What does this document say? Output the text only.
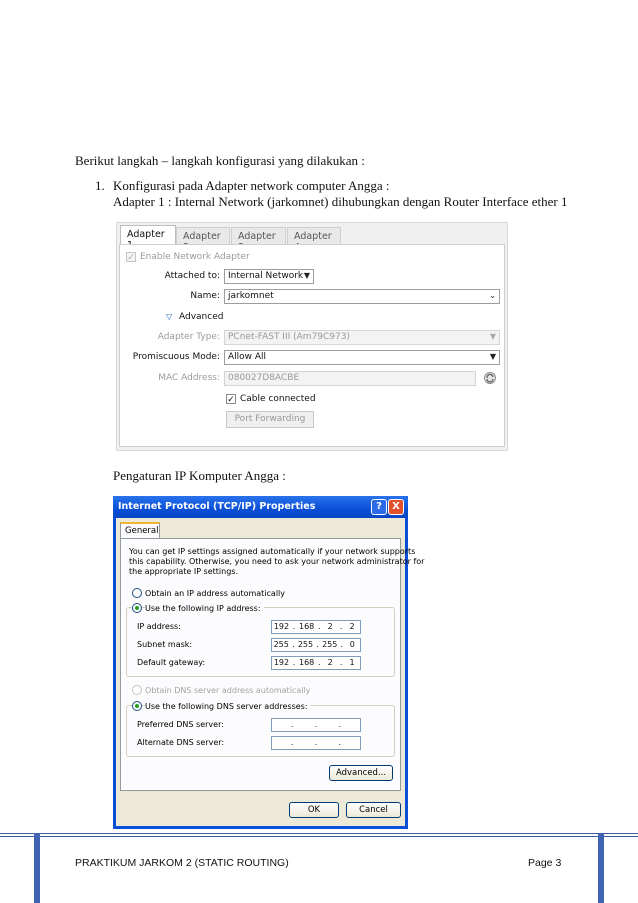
Berikut langkah – langkah konfigurasi yang dilakukan :
1. Konfigurasi pada Adapter network computer Angga :
Adapter 1 : Internal Network (jarkomnet) dihubungkan dengan Router Interface ether 1
Adapter	Adapter	Adapter	Adapter
✓ Enable Network Adapter
Attached to: Internal Network ▼
Name: jarkomnet	⌄
▽ Advanced
Adapter Type: PCnet-FAST III (Am79C973)	▼
Promiscuous Mode: Allow All	▼
MAC Address: 080027D8ACBE
✓ Cable connected
Port Forwarding
Pengaturan IP Komputer Angga :
Internet Protocol (TCP/IP) Properties	?	X
General
You can get IP settings assigned automatically if your network supports
this capability. Otherwise, you need to ask your network administrator for
the appropriate IP settings.
Obtain an IP address automatically
Use the following IP address:
IP address:	192 . 168 . 2 . 2
Subnet mask:	255 . 255 . 255 . 0
Default gateway:	192 . 168 . 2 . 1
Obtain DNS server address automatically
Use the following DNS server addresses:
Preferred DNS server:	.	.	.
Alternate DNS server:	.	.	.
Advanced...
OK	Cancel
PRAKTIKUM JARKOM 2 (STATIC ROUTING)	Page 3
